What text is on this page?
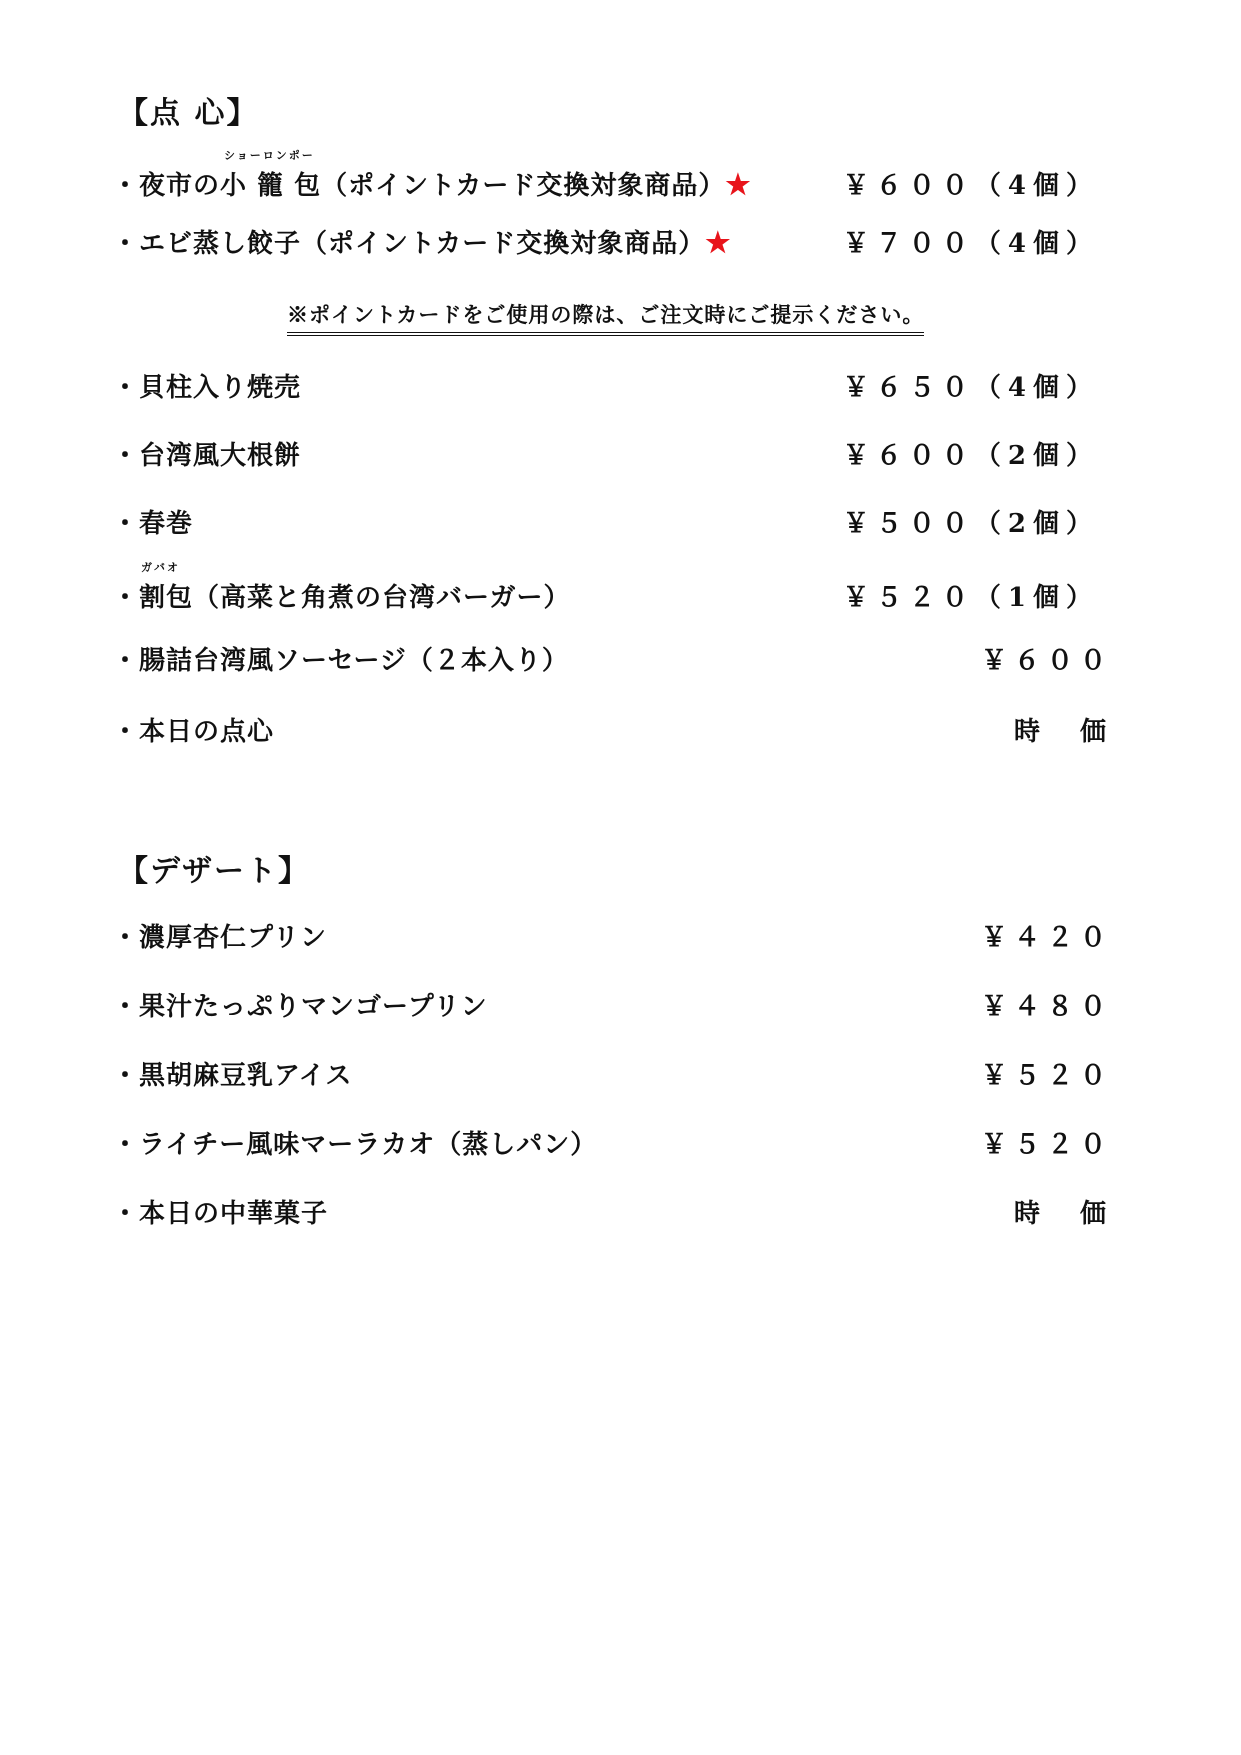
【点 心】
・夜市の
ショーロンポー
小 籠 包（ポイントカード交換対象商品）★	￥６００（4個）
・エビ蒸し餃子（ポイントカード交換対象商品）★	￥７００（4個）
※ポイントカードをご使用の際は、ご注文時にご提示ください。
・貝柱入り焼売	￥６５０（4個）
・台湾風大根餅	￥６００（2個）
・春巻	￥５００（2個）
・
ガバオ
割包（高菜と角煮の台湾バーガー）	￥５２０（1個）
・腸詰台湾風ソーセージ（２本入り）	￥６００
・本日の点心	時　価
【デザート】
・濃厚杏仁プリン	￥４２０
・果汁たっぷりマンゴープリン	￥４８０
・黒胡麻豆乳アイス	￥５２０
・ライチー風味マーラカオ（蒸しパン）	￥５２０
・本日の中華菓子	時　価
